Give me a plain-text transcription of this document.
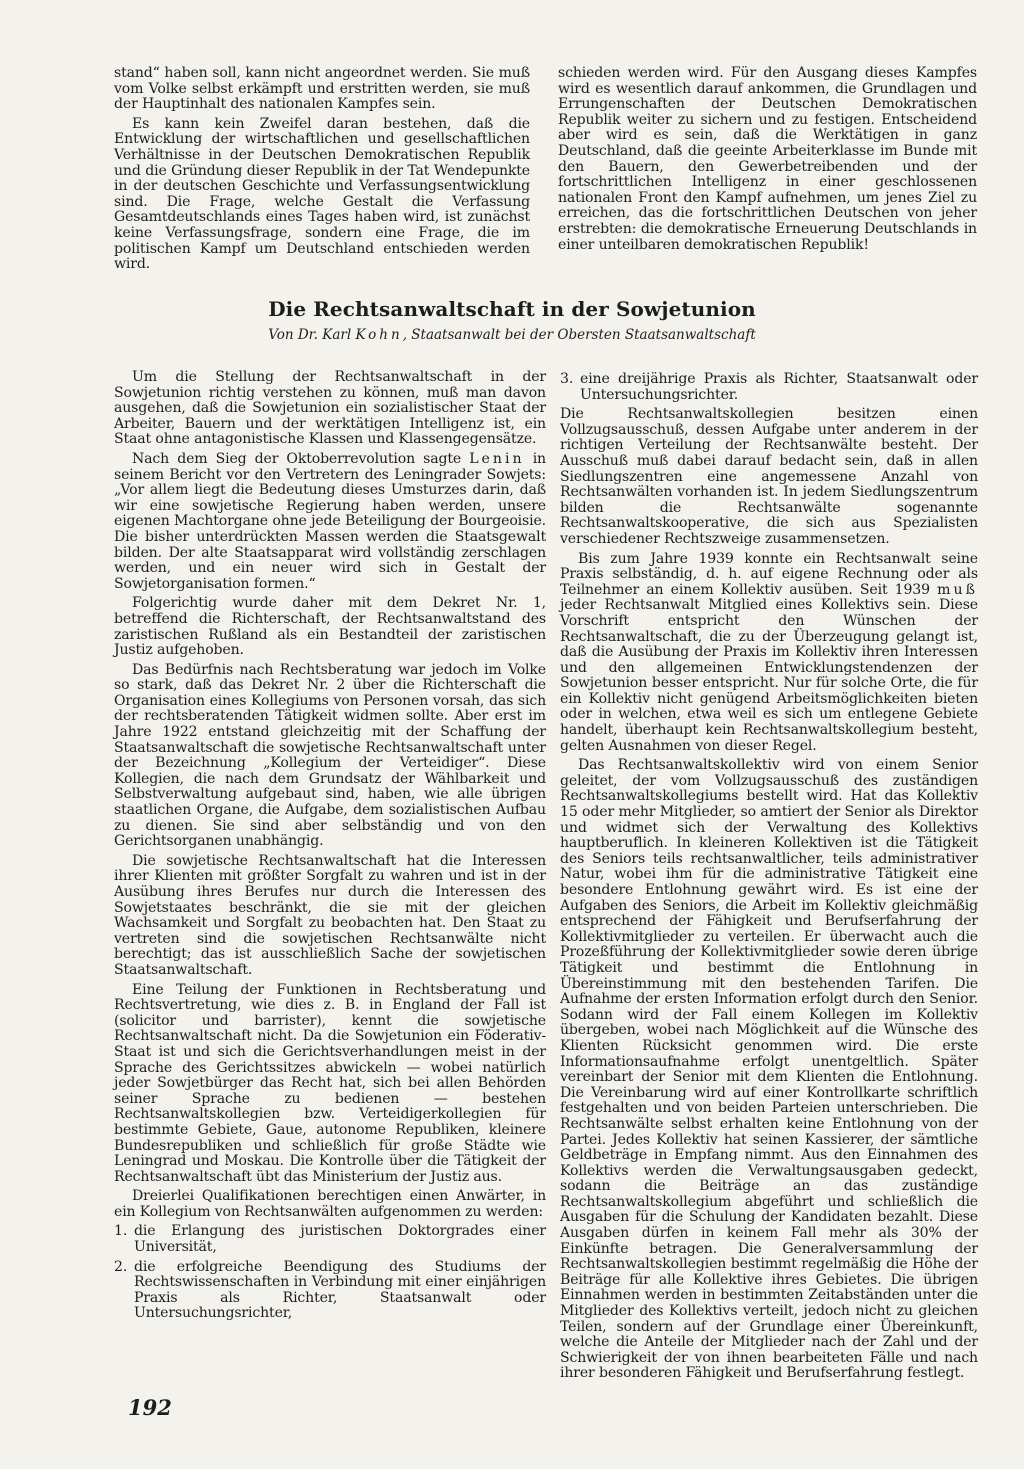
stand“ haben soll, kann nicht angeordnet werden. Sie muß vom Volke selbst erkämpft und erstritten werden, sie muß der Hauptinhalt des nationalen Kampfes sein.

Es kann kein Zweifel daran bestehen, daß die Entwicklung der wirtschaftlichen und gesellschaftlichen Verhältnisse in der Deutschen Demokratischen Republik und die Gründung dieser Republik in der Tat Wendepunkte in der deutschen Geschichte und Verfassungsentwicklung sind. Die Frage, welche Gestalt die Verfassung Gesamtdeutschlands eines Tages haben wird, ist zunächst keine Verfassungsfrage, sondern eine Frage, die im politischen Kampf um Deutschland entschieden werden wird.

schieden werden wird. Für den Ausgang dieses Kampfes wird es wesentlich darauf ankommen, die Grundlagen und Errungenschaften der Deutschen Demokratischen Republik weiter zu sichern und zu festigen. Entscheidend aber wird es sein, daß die Werktätigen in ganz Deutschland, daß die geeinte Arbeiterklasse im Bunde mit den Bauern, den Gewerbetreibenden und der fortschrittlichen Intelligenz in einer geschlossenen nationalen Front den Kampf aufnehmen, um jenes Ziel zu erreichen, das die fortschrittlichen Deutschen von jeher erstrebten: die demokratische Erneuerung Deutschlands in einer unteilbaren demokratischen Republik!

Die Rechtsanwaltschaft in der Sowjetunion

Von Dr. Karl Kohn, Staatsanwalt bei der Obersten Staatsanwaltschaft

Um die Stellung der Rechtsanwaltschaft in der Sowjetunion richtig verstehen zu können, muß man davon ausgehen, daß die Sowjetunion ein sozialistischer Staat der Arbeiter, Bauern und der werktätigen Intelligenz ist, ein Staat ohne antagonistische Klassen und Klassengegensätze.

Nach dem Sieg der Oktoberrevolution sagte Lenin in seinem Bericht vor den Vertretern des Leningrader Sowjets: „Vor allem liegt die Bedeutung dieses Umsturzes darin, daß wir eine sowjetische Regierung haben werden, unsere eigenen Machtorgane ohne jede Beteiligung der Bourgeoisie. Die bisher unterdrückten Massen werden die Staatsgewalt bilden. Der alte Staatsapparat wird vollständig zerschlagen werden, und ein neuer wird sich in Gestalt der Sowjetorganisation formen.“

Folgerichtig wurde daher mit dem Dekret Nr. 1, betreffend die Richterschaft, der Rechtsanwaltstand des zaristischen Rußland als ein Bestandteil der zaristischen Justiz aufgehoben.

Das Bedürfnis nach Rechtsberatung war jedoch im Volke so stark, daß das Dekret Nr. 2 über die Richterschaft die Organisation eines Kollegiums von Personen vorsah, das sich der rechtsberatenden Tätigkeit widmen sollte. Aber erst im Jahre 1922 entstand gleichzeitig mit der Schaffung der Staatsanwaltschaft die sowjetische Rechtsanwaltschaft unter der Bezeichnung „Kollegium der Verteidiger“. Diese Kollegien, die nach dem Grundsatz der Wählbarkeit und Selbstverwaltung aufgebaut sind, haben, wie alle übrigen staatlichen Organe, die Aufgabe, dem sozialistischen Aufbau zu dienen. Sie sind aber selbständig und von den Gerichtsorganen unabhängig.

Die sowjetische Rechtsanwaltschaft hat die Interessen ihrer Klienten mit größter Sorgfalt zu wahren und ist in der Ausübung ihres Berufes nur durch die Interessen des Sowjetstaates beschränkt, die sie mit der gleichen Wachsamkeit und Sorgfalt zu beobachten hat. Den Staat zu vertreten sind die sowjetischen Rechtsanwälte nicht berechtigt; das ist ausschließlich Sache der sowjetischen Staatsanwaltschaft.

Eine Teilung der Funktionen in Rechtsberatung und Rechtsvertretung, wie dies z. B. in England der Fall ist (solicitor und barrister), kennt die sowjetische Rechtsanwaltschaft nicht. Da die Sowjetunion ein Föderativ-Staat ist und sich die Gerichtsverhandlungen meist in der Sprache des Gerichtssitzes abwickeln — wobei natürlich jeder Sowjetbürger das Recht hat, sich bei allen Behörden seiner Sprache zu bedienen — bestehen Rechtsanwaltskollegien bzw. Verteidigerkollegien für bestimmte Gebiete, Gaue, autonome Republiken, kleinere Bundesrepubliken und schließlich für große Städte wie Leningrad und Moskau. Die Kontrolle über die Tätigkeit der Rechtsanwaltschaft übt das Ministerium der Justiz aus.

Dreierlei Qualifikationen berechtigen einen Anwärter, in ein Kollegium von Rechtsanwälten aufgenommen zu werden:

1. die Erlangung des juristischen Doktorgrades einer Universität,
2. die erfolgreiche Beendigung des Studiums der Rechtswissenschaften in Verbindung mit einer einjährigen Praxis als Richter, Staatsanwalt oder Untersuchungsrichter,
3. eine dreijährige Praxis als Richter, Staatsanwalt oder Untersuchungsrichter.

Die Rechtsanwaltskollegien besitzen einen Vollzugsausschuß, dessen Aufgabe unter anderem in der richtigen Verteilung der Rechtsanwälte besteht. Der Ausschuß muß dabei darauf bedacht sein, daß in allen Siedlungszentren eine angemessene Anzahl von Rechtsanwälten vorhanden ist. In jedem Siedlungszentrum bilden die Rechtsanwälte sogenannte Rechtsanwaltskooperative, die sich aus Spezialisten verschiedener Rechtszweige zusammensetzen.

Bis zum Jahre 1939 konnte ein Rechtsanwalt seine Praxis selbständig, d. h. auf eigene Rechnung oder als Teilnehmer an einem Kollektiv ausüben. Seit 1939 muß jeder Rechtsanwalt Mitglied eines Kollektivs sein. Diese Vorschrift entspricht den Wünschen der Rechtsanwaltschaft, die zu der Überzeugung gelangt ist, daß die Ausübung der Praxis im Kollektiv ihren Interessen und den allgemeinen Entwicklungstendenzen der Sowjetunion besser entspricht. Nur für solche Orte, die für ein Kollektiv nicht genügend Arbeitsmöglichkeiten bieten oder in welchen, etwa weil es sich um entlegene Gebiete handelt, überhaupt kein Rechtsanwaltskollegium besteht, gelten Ausnahmen von dieser Regel.

Das Rechtsanwaltskollektiv wird von einem Senior geleitet, der vom Vollzugsausschuß des zuständigen Rechtsanwaltskollegiums bestellt wird. Hat das Kollektiv 15 oder mehr Mitglieder, so amtiert der Senior als Direktor und widmet sich der Verwaltung des Kollektivs hauptberuflich. In kleineren Kollektiven ist die Tätigkeit des Seniors teils rechtsanwaltlicher, teils administrativer Natur, wobei ihm für die administrative Tätigkeit eine besondere Entlohnung gewährt wird. Es ist eine der Aufgaben des Seniors, die Arbeit im Kollektiv gleichmäßig entsprechend der Fähigkeit und Berufserfahrung der Kollektivmitglieder zu verteilen. Er überwacht auch die Prozeßführung der Kollektivmitglieder sowie deren übrige Tätigkeit und bestimmt die Entlohnung in Übereinstimmung mit den bestehenden Tarifen. Die Aufnahme der ersten Information erfolgt durch den Senior. Sodann wird der Fall einem Kollegen im Kollektiv übergeben, wobei nach Möglichkeit auf die Wünsche des Klienten Rücksicht genommen wird. Die erste Informationsaufnahme erfolgt unentgeltlich. Später vereinbart der Senior mit dem Klienten die Entlohnung. Die Vereinbarung wird auf einer Kontrollkarte schriftlich festgehalten und von beiden Parteien unterschrieben. Die Rechtsanwälte selbst erhalten keine Entlohnung von der Partei. Jedes Kollektiv hat seinen Kassierer, der sämtliche Geldbeträge in Empfang nimmt. Aus den Einnahmen des Kollektivs werden die Verwaltungsausgaben gedeckt, sodann die Beiträge an das zuständige Rechtsanwaltskollegium abgeführt und schließlich die Ausgaben für die Schulung der Kandidaten bezahlt. Diese Ausgaben dürfen in keinem Fall mehr als 30% der Einkünfte betragen. Die Generalversammlung der Rechtsanwaltskollegien bestimmt regelmäßig die Höhe der Beiträge für alle Kollektive ihres Gebietes. Die übrigen Einnahmen werden in bestimmten Zeitabständen unter die Mitglieder des Kollektivs verteilt, jedoch nicht zu gleichen Teilen, sondern auf der Grundlage einer Übereinkunft, welche die Anteile der Mitglieder nach der Zahl und der Schwierigkeit der von ihnen bearbeiteten Fälle und nach ihrer besonderen Fähigkeit und Berufserfahrung festlegt.

192
